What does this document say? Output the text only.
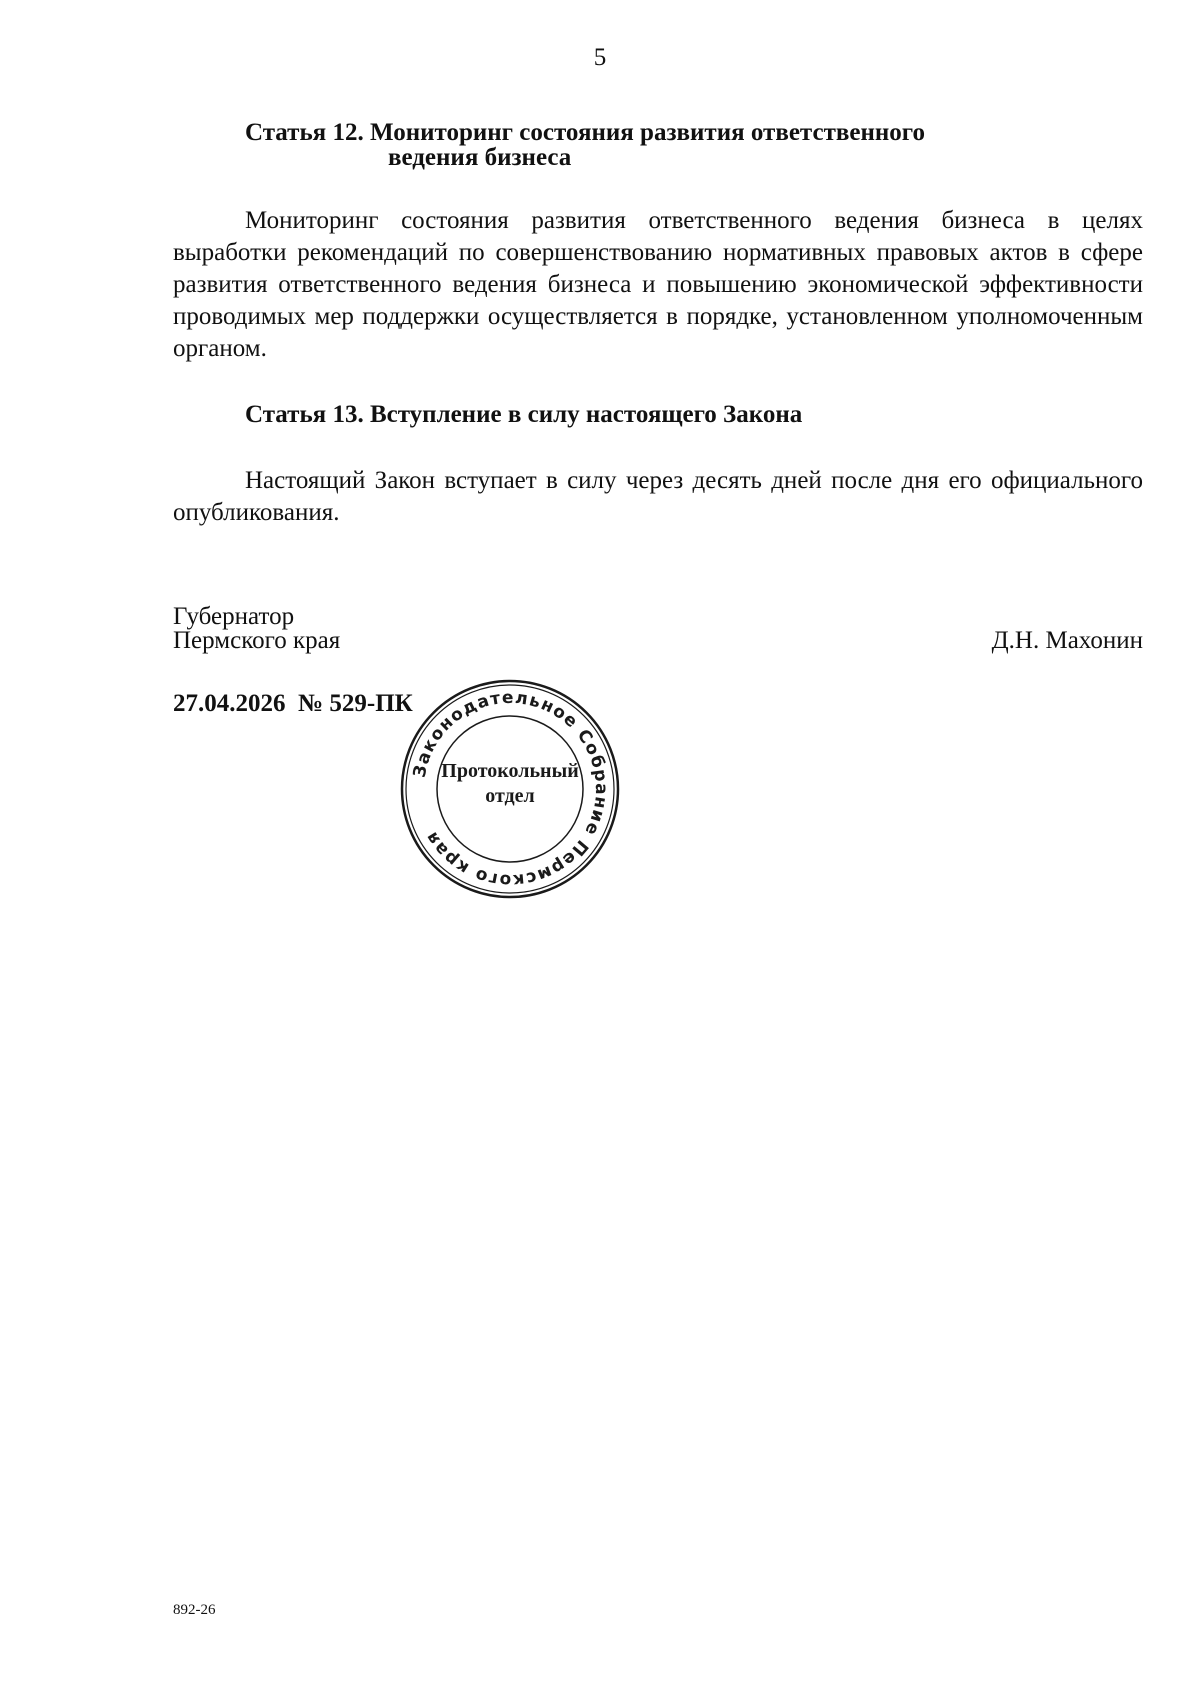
5
Статья 12. Мониторинг состояния развития ответственного
ведения бизнеса

Мониторинг состояния развития ответственного ведения бизнеса в целях выработки рекомендаций по совершенствованию нормативных правовых актов в сфере развития ответственного ведения бизнеса и повышению экономической эффективности проводимых мер поддержки осуществляется в порядке, установленном уполномоченным органом.

Статья 13. Вступление в силу настоящего Закона

Настоящий Закон вступает в силу через десять дней после дня его официального опубликования.

Губернатор
Пермского края	Д.Н. Махонин
27.04.2026  № 529-ПК
Законодательное Собрание Пермского края
Протокольный
отдел
892-26
